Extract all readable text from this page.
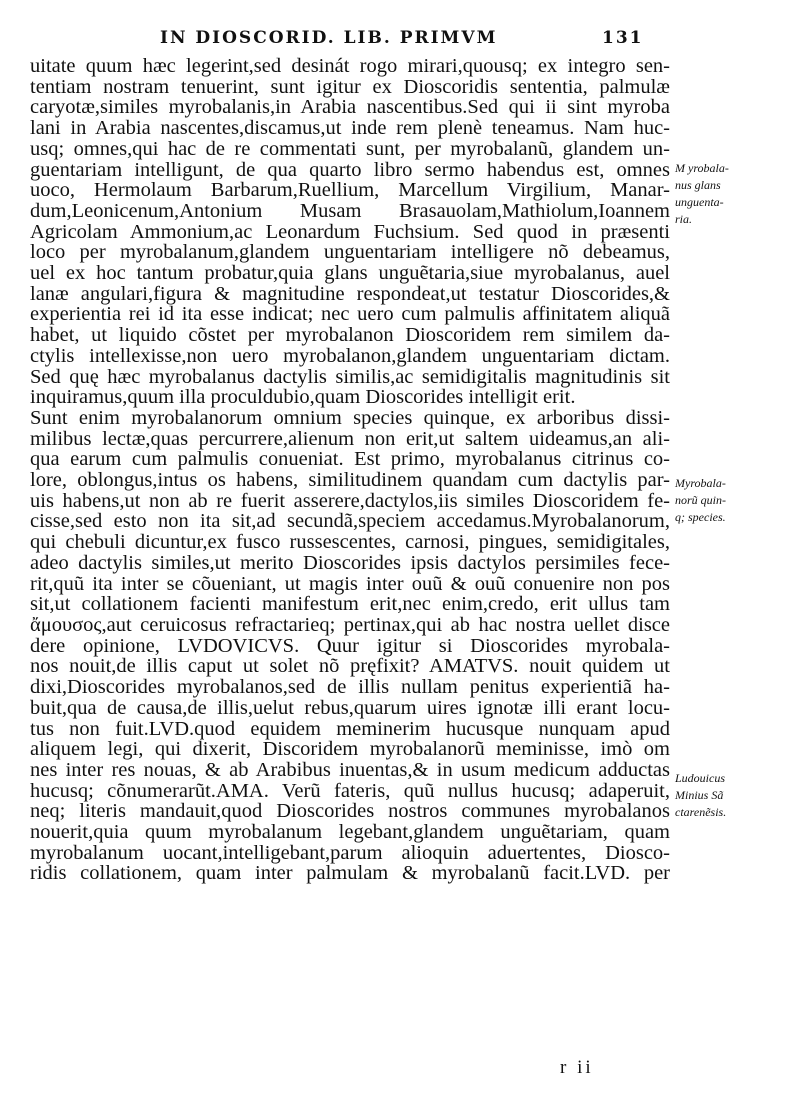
IN DIOSCORID. LIB. PRIMVM	131
uitate quum hæc legerint,sed desinát rogo mirari,quousq; ex integro sen-
tentiam nostram tenuerint, sunt igitur ex Dioscoridis sententia, palmulæ
caryotæ,similes myrobalanis,in Arabia nascentibus.Sed qui ii sint myroba
lani in Arabia nascentes,discamus,ut inde rem plenè teneamus. Nam huc-
usq; omnes,qui hac de re commentati sunt, per myrobalanũ, glandem un-
guentariam intelligunt, de qua quarto libro sermo habendus est, omnes
uoco, Hermolaum Barbarum,Ruellium, Marcellum Virgilium, Manar-
dum,Leonicenum,Antonium Musam Brasauolam,Mathiolum,Ioannem
Agricolam Ammonium,ac Leonardum Fuchsium. Sed quod in præsenti
loco per myrobalanum,glandem unguentariam intelligere nõ debeamus,
uel ex hoc tantum probatur,quia glans unguẽtaria,siue myrobalanus, auel
lanæ angulari,figura & magnitudine respondeat,ut testatur Dioscorides,&
experientia rei id ita esse indicat; nec uero cum palmulis affinitatem aliquã
habet, ut liquido cõstet per myrobalanon Dioscoridem rem similem da-
ctylis intellexisse,non uero myrobalanon,glandem unguentariam dictam.
Sed quę hæc myrobalanus dactylis similis,ac semidigitalis magnitudinis sit
inquiramus,quum illa proculdubio,quam Dioscorides intelligit erit.
Sunt enim myrobalanorum omnium species quinque, ex arboribus dissi-
milibus lectæ,quas percurrere,alienum non erit,ut saltem uideamus,an ali-
qua earum cum palmulis conueniat. Est primo, myrobalanus citrinus co-
lore, oblongus,intus os habens, similitudinem quandam cum dactylis par-
uis habens,ut non ab re fuerit asserere,dactylos,iis similes Dioscoridem fe-
cisse,sed esto non ita sit,ad secundã,speciem accedamus.Myrobalanorum,
qui chebuli dicuntur,ex fusco russescentes, carnosi, pingues, semidigitales,
adeo dactylis similes,ut merito Dioscorides ipsis dactylos persimiles fece-
rit,quũ ita inter se cõueniant, ut magis inter ouũ & ouũ conuenire non pos
sit,ut collationem facienti manifestum erit,nec enim,credo, erit ullus tam
ἄμουσος,aut ceruicosus refractarieq; pertinax,qui ab hac nostra uellet disce
dere opinione, LVDOVICVS. Quur igitur si Dioscorides myrobala-
nos nouit,de illis caput ut solet nõ pręfixit? AMATVS. nouit quidem ut
dixi,Dioscorides myrobalanos,sed de illis nullam penitus experientiã ha-
buit,qua de causa,de illis,uelut rebus,quarum uires ignotæ illi erant locu-
tus non fuit.LVD.quod equidem meminerim hucusque nunquam apud
aliquem legi, qui dixerit, Discoridem myrobalanorũ meminisse, imò om
nes inter res nouas, & ab Arabibus inuentas,& in usum medicum adductas
hucusq; cõnumerarũt.AMA. Verũ fateris, quũ nullus hucusq; adaperuit,
neq; literis mandauit,quod Dioscorides nostros communes myrobalanos
nouerit,quia quum myrobalanum legebant,glandem unguẽtariam, quam
myrobalanum uocant,intelligebant,parum alioquin aduertentes, Diosco-
ridis collationem, quam inter palmulam & myrobalanũ facit.LVD. per
M yrobala-
nus glans
unguenta-
ria.
Myrobala-
norũ quin-
q; species.
Ludouicus
Minius Sã
ctarenẽsis.
r ii
